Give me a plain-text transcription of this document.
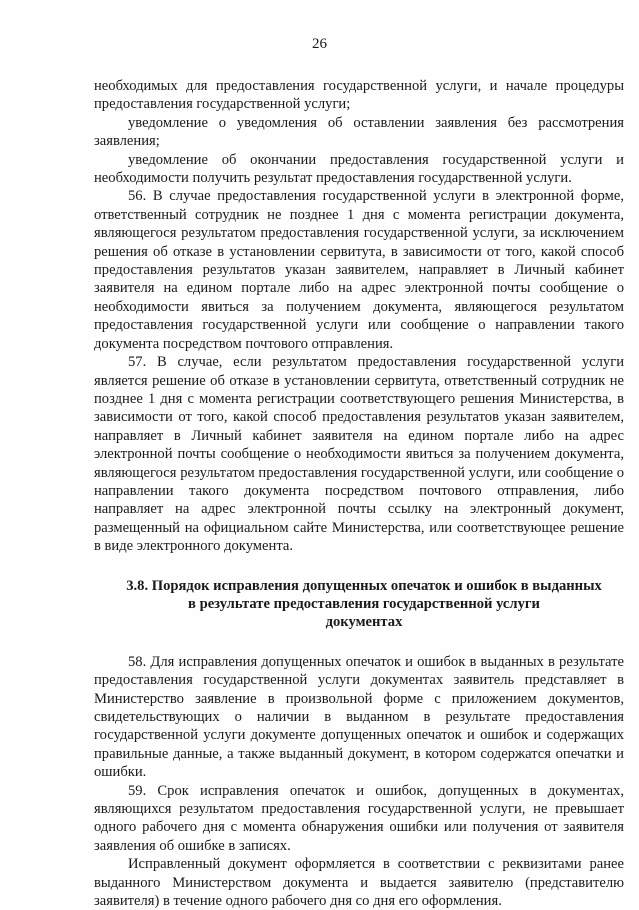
26

необходимых для предоставления государственной услуги, и начале процедуры предоставления государственной услуги;

уведомление о уведомления об оставлении заявления без рассмотрения заявления;

уведомление об окончании предоставления государственной услуги и необходимости получить результат предоставления государственной услуги.

56. В случае предоставления государственной услуги в электронной форме, ответственный сотрудник не позднее 1 дня с момента регистрации документа, являющегося результатом предоставления государственной услуги, за исключением решения об отказе в установлении сервитута, в зависимости от того, какой способ предоставления результатов указан заявителем, направляет в Личный кабинет заявителя на едином портале либо на адрес электронной почты сообщение о необходимости явиться за получением документа, являющегося результатом предоставления государственной услуги или сообщение о направлении такого документа посредством почтового отправления.

57. В случае, если результатом предоставления государственной услуги является решение об отказе в установлении сервитута, ответственный сотрудник не позднее 1 дня с момента регистрации соответствующего решения Министерства, в зависимости от того, какой способ предоставления результатов указан заявителем, направляет в Личный кабинет заявителя на едином портале либо на адрес электронной почты сообщение о необходимости явиться за получением документа, являющегося результатом предоставления государственной услуги, или сообщение о направлении такого документа посредством почтового отправления, либо направляет на адрес электронной почты ссылку на электронный документ, размещенный на официальном сайте Министерства, или соответствующее решение в виде электронного документа.

3.8. Порядок исправления допущенных опечаток и ошибок в выданных
в результате предоставления государственной услуги
документах

58. Для исправления допущенных опечаток и ошибок в выданных в результате предоставления государственной услуги документах заявитель представляет в Министерство заявление в произвольной форме с приложением документов, свидетельствующих о наличии в выданном в результате предоставления государственной услуги документе допущенных опечаток и ошибок и содержащих правильные данные, а также выданный документ, в котором содержатся опечатки и ошибки.

59. Срок исправления опечаток и ошибок, допущенных в документах, являющихся результатом предоставления государственной услуги, не превышает одного рабочего дня с момента обнаружения ошибки или получения от заявителя заявления об ошибке в записях.

Исправленный документ оформляется в соответствии с реквизитами ранее выданного Министерством документа и выдается заявителю (представителю заявителя) в течение одного рабочего дня со дня его оформления.
